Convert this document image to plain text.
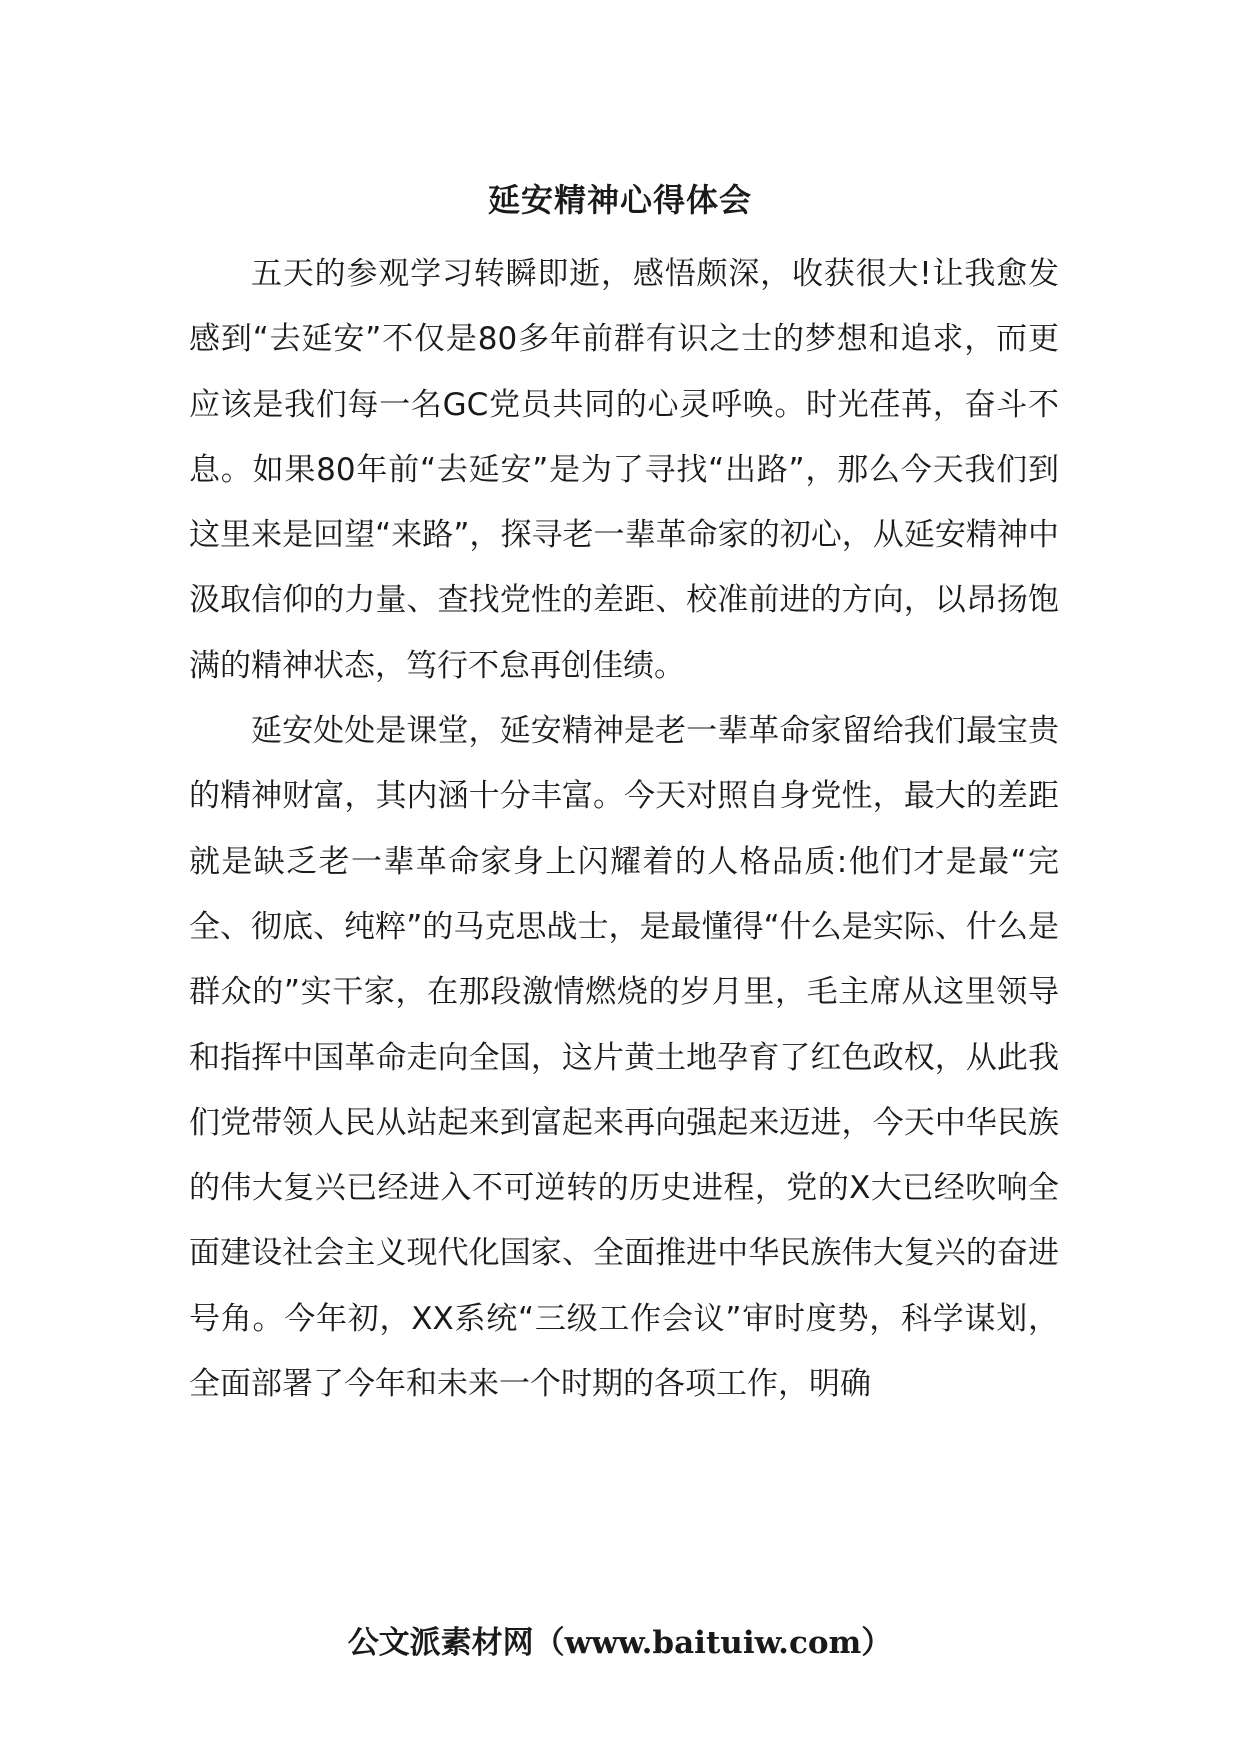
延安精神心得体会

五天的参观学习转瞬即逝，感悟颇深，收获很大!让我愈发感到“去延安”不仅是80多年前群有识之士的梦想和追求，而更应该是我们每一名GC党员共同的心灵呼唤。时光荏苒，奋斗不息。如果80年前“去延安”是为了寻找“出路”，那么今天我们到这里来是回望“来路”，探寻老一辈革命家的初心，从延安精神中汲取信仰的力量、查找党性的差距、校准前进的方向，以昂扬饱满的精神状态，笃行不怠再创佳绩。

延安处处是课堂，延安精神是老一辈革命家留给我们最宝贵的精神财富，其内涵十分丰富。今天对照自身党性，最大的差距就是缺乏老一辈革命家身上闪耀着的人格品质:他们才是最“完全、彻底、纯粹”的马克思战士，是最懂得“什么是实际、什么是群众的”实干家，在那段激情燃烧的岁月里，毛主席从这里领导和指挥中国革命走向全国，这片黄土地孕育了红色政权，从此我们党带领人民从站起来到富起来再向强起来迈进，今天中华民族的伟大复兴已经进入不可逆转的历史进程，党的X大已经吹响全面建设社会主义现代化国家、全面推进中华民族伟大复兴的奋进号角。今年初，XX系统“三级工作会议”审时度势，科学谋划，全面部署了今年和未来一个时期的各项工作，明确

公文派素材网（www.baituiw.com）
